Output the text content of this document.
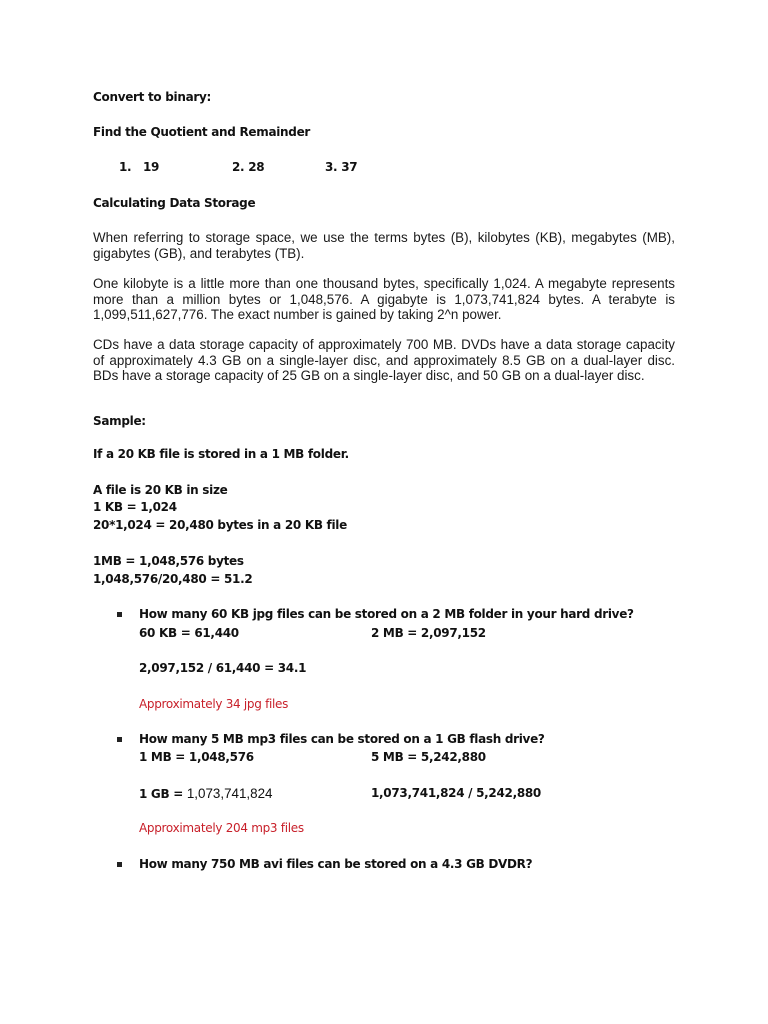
Convert to binary:
Find the Quotient and Remainder
1. 19	2. 28	3. 37
Calculating Data Storage
When referring to storage space, we use the terms bytes (B), kilobytes (KB), megabytes (MB), gigabytes (GB), and terabytes (TB).
One kilobyte is a little more than one thousand bytes, specifically 1,024. A megabyte represents more than a million bytes or 1,048,576. A gigabyte is 1,073,741,824 bytes. A terabyte is 1,099,511,627,776. The exact number is gained by taking 2^n power.
CDs have a data storage capacity of approximately 700 MB. DVDs have a data storage capacity of approximately 4.3 GB on a single-layer disc, and approximately 8.5 GB on a dual-layer disc. BDs have a storage capacity of 25 GB on a single-layer disc, and 50 GB on a dual-layer disc.
Sample:
If a 20 KB file is stored in a 1 MB folder.
A file is 20 KB in size
1 KB = 1,024
20*1,024 = 20,480 bytes in a 20 KB file
1MB = 1,048,576 bytes
1,048,576/20,480 = 51.2
How many 60 KB jpg files can be stored on a 2 MB folder in your hard drive?
60 KB = 61,440	2 MB = 2,097,152
2,097,152 / 61,440 = 34.1
Approximately 34 jpg files
How many 5 MB mp3 files can be stored on a 1 GB flash drive?
1 MB = 1,048,576	5 MB = 5,242,880
1 GB = 1,073,741,824	1,073,741,824 / 5,242,880
Approximately 204 mp3 files
How many 750 MB avi files can be stored on a 4.3 GB DVDR?
